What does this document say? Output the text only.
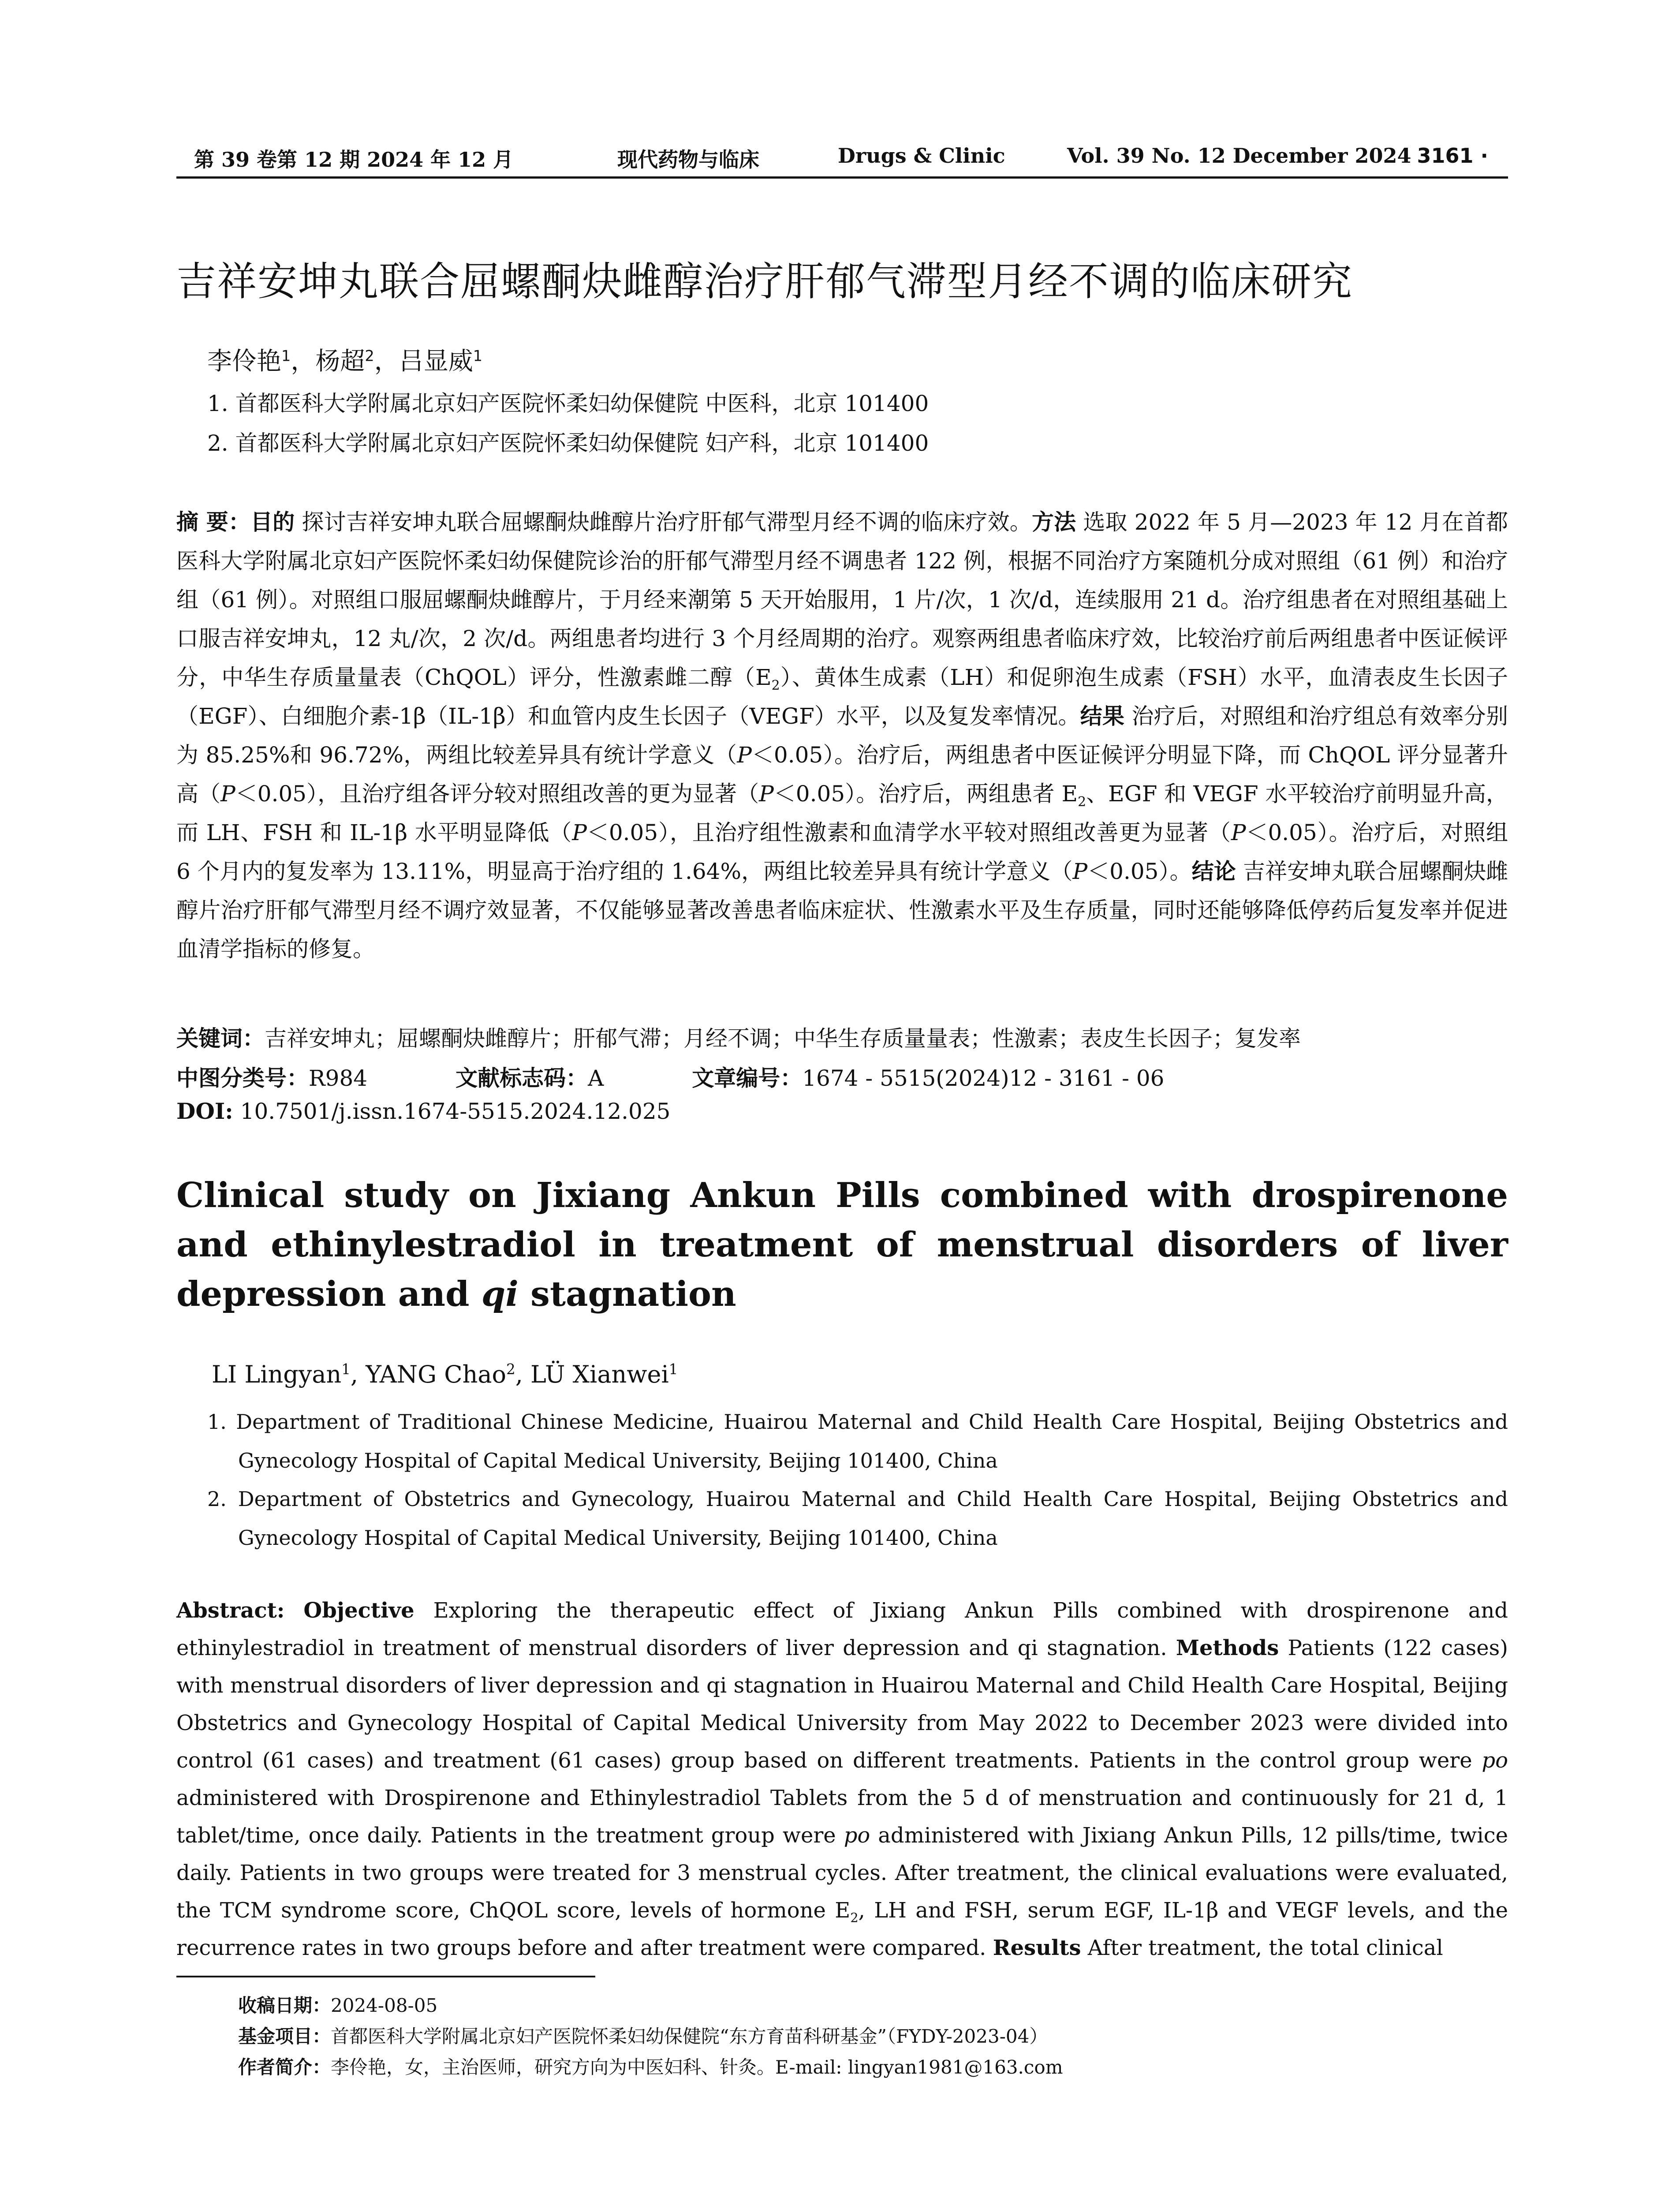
第 39 卷第 12 期 2024 年 12 月	现代药物与临床	Drugs & Clinic	Vol. 39 No. 12 December 2024
· 3161 ·
吉祥安坤丸联合屈螺酮炔雌醇治疗肝郁气滞型月经不调的临床研究
李伶艳$^1$，杨超$^2$，吕显威$^1$
1. 首都医科大学附属北京妇产医院怀柔妇幼保健院 中医科，北京 101400
2. 首都医科大学附属北京妇产医院怀柔妇幼保健院 妇产科，北京 101400
摘 要：目的 探讨吉祥安坤丸联合屈螺酮炔雌醇片治疗肝郁气滞型月经不调的临床疗效。方法 选取 2022 年 5 月—2023 年 12 月在首都医科大学附属北京妇产医院怀柔妇幼保健院诊治的肝郁气滞型月经不调患者 122 例，根据不同治疗方案随机分成对照组（61 例）和治疗组（61 例）。对照组口服屈螺酮炔雌醇片，于月经来潮第 5 天开始服用，1 片/次，1 次/d，连续服用 21 d。治疗组患者在对照组基础上口服吉祥安坤丸，12 丸/次，2 次/d。两组患者均进行 3 个月经周期的治疗。观察两组患者临床疗效，比较治疗前后两组患者中医证候评分，中华生存质量量表（ChQOL）评分，性激素雌二醇$(E_2)$、黄体生成素（LH）和促卵泡生成素（FSH）水平，血清表皮生长因子（EGF）、白细胞介素-1β（IL-1β）和血管内皮生长因子（VEGF）水平，以及复发率情况。结果 治疗后，对照组和治疗组总有效率分别为 85.25%和 96.72%，两组比较差异具有统计学意义（P＜0.05）。治疗后，两组患者中医证候评分明显下降，而 ChQOL 评分显著升高（P＜0.05），且治疗组各评分较对照组改善的更为显著（P＜0.05）。治疗后，两组患者 $E_2$、EGF 和 VEGF 水平较治疗前明显升高，而 LH、FSH 和 IL-1β 水平明显降低（P＜0.05），且治疗组性激素和血清学水平较对照组改善更为显著（P＜0.05）。治疗后，对照组 6 个月内的复发率为 13.11%，明显高于治疗组的 1.64%，两组比较差异具有统计学意义（P＜0.05）。结论 吉祥安坤丸联合屈螺酮炔雌醇片治疗肝郁气滞型月经不调疗效显著，不仅能够显著改善患者临床症状、性激素水平及生存质量，同时还能够降低停药后复发率并促进血清学指标的修复。
关键词：吉祥安坤丸；屈螺酮炔雌醇片；肝郁气滞；月经不调；中华生存质量量表；性激素；表皮生长因子；复发率
中图分类号：R984	文献标志码：A	文章编号：1674 - 5515(2024)12 - 3161 - 06
DOI: 10.7501/j.issn.1674-5515.2024.12.025
Clinical study on Jixiang Ankun Pills combined with drospirenone and ethinylestradiol in treatment of menstrual disorders of liver depression and qi stagnation
LI Lingyan$^1$, YANG Chao$^2$, LÜ Xianwei$^1$
1. Department of Traditional Chinese Medicine, Huairou Maternal and Child Health Care Hospital, Beijing Obstetrics and Gynecology Hospital of Capital Medical University, Beijing 101400, China
2. Department of Obstetrics and Gynecology, Huairou Maternal and Child Health Care Hospital, Beijing Obstetrics and Gynecology Hospital of Capital Medical University, Beijing 101400, China
Abstract: Objective Exploring the therapeutic effect of Jixiang Ankun Pills combined with drospirenone and ethinylestradiol in treatment of menstrual disorders of liver depression and qi stagnation. Methods Patients (122 cases) with menstrual disorders of liver depression and qi stagnation in Huairou Maternal and Child Health Care Hospital, Beijing Obstetrics and Gynecology Hospital of Capital Medical University from May 2022 to December 2023 were divided into control (61 cases) and treatment (61 cases) group based on different treatments. Patients in the control group were po administered with Drospirenone and Ethinylestradiol Tablets from the 5 d of menstruation and continuously for 21 d, 1 tablet/time, once daily. Patients in the treatment group were po administered with Jixiang Ankun Pills, 12 pills/time, twice daily. Patients in two groups were treated for 3 menstrual cycles. After treatment, the clinical evaluations were evaluated, the TCM syndrome score, ChQOL score, levels of hormone $E_2$, LH and FSH, serum EGF, IL-1β and VEGF levels, and the recurrence rates in two groups before and after treatment were compared. Results After treatment, the total clinical
收稿日期：2024-08-05
基金项目：首都医科大学附属北京妇产医院怀柔妇幼保健院“东方育苗科研基金”（FYDY-2023-04）
作者简介：李伶艳，女，主治医师，研究方向为中医妇科、针灸。E-mail: lingyan1981@163.com
